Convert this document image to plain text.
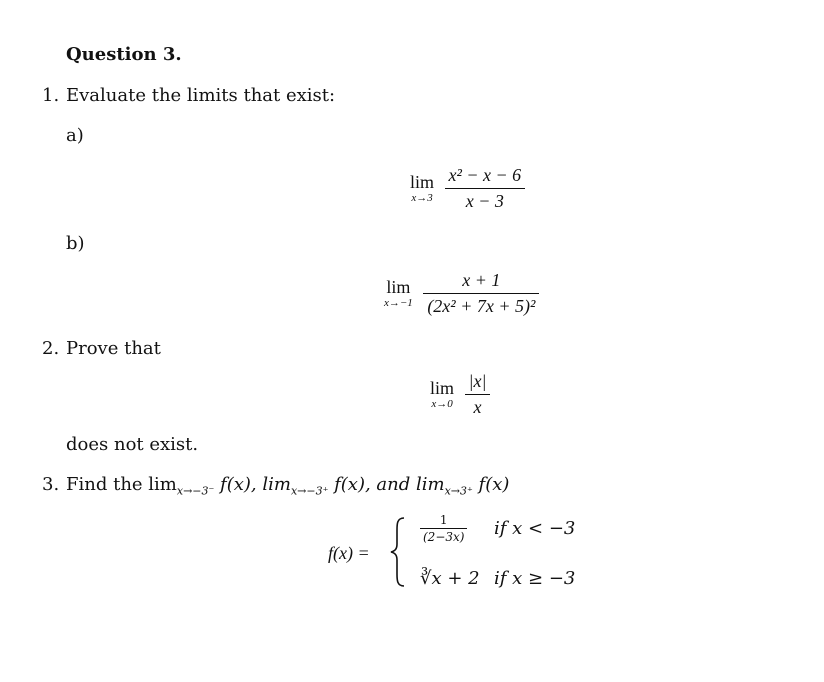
Question 3.
1. Evaluate the limits that exist:
a)
lim
x→3
$\frac{\text{x² − x − 6}}{x - 3}$
b)
lim
x→−1
$\frac{x + 1}{\text{(2x² + 7x + 5)²}}$
2. Prove that
lim
x→0
$\frac{|x|}{x}$
does not exist.
3. Find the $\lim_{x\to-3^-} f(x)$, $\lim_{x\to-3^+} f(x)$, and $\lim_{x\to 3^+} f(x)$
f(x) =
$\frac{1}{(2-3x)}$ if x < −3
∛x + 2 if x ≥ −3
